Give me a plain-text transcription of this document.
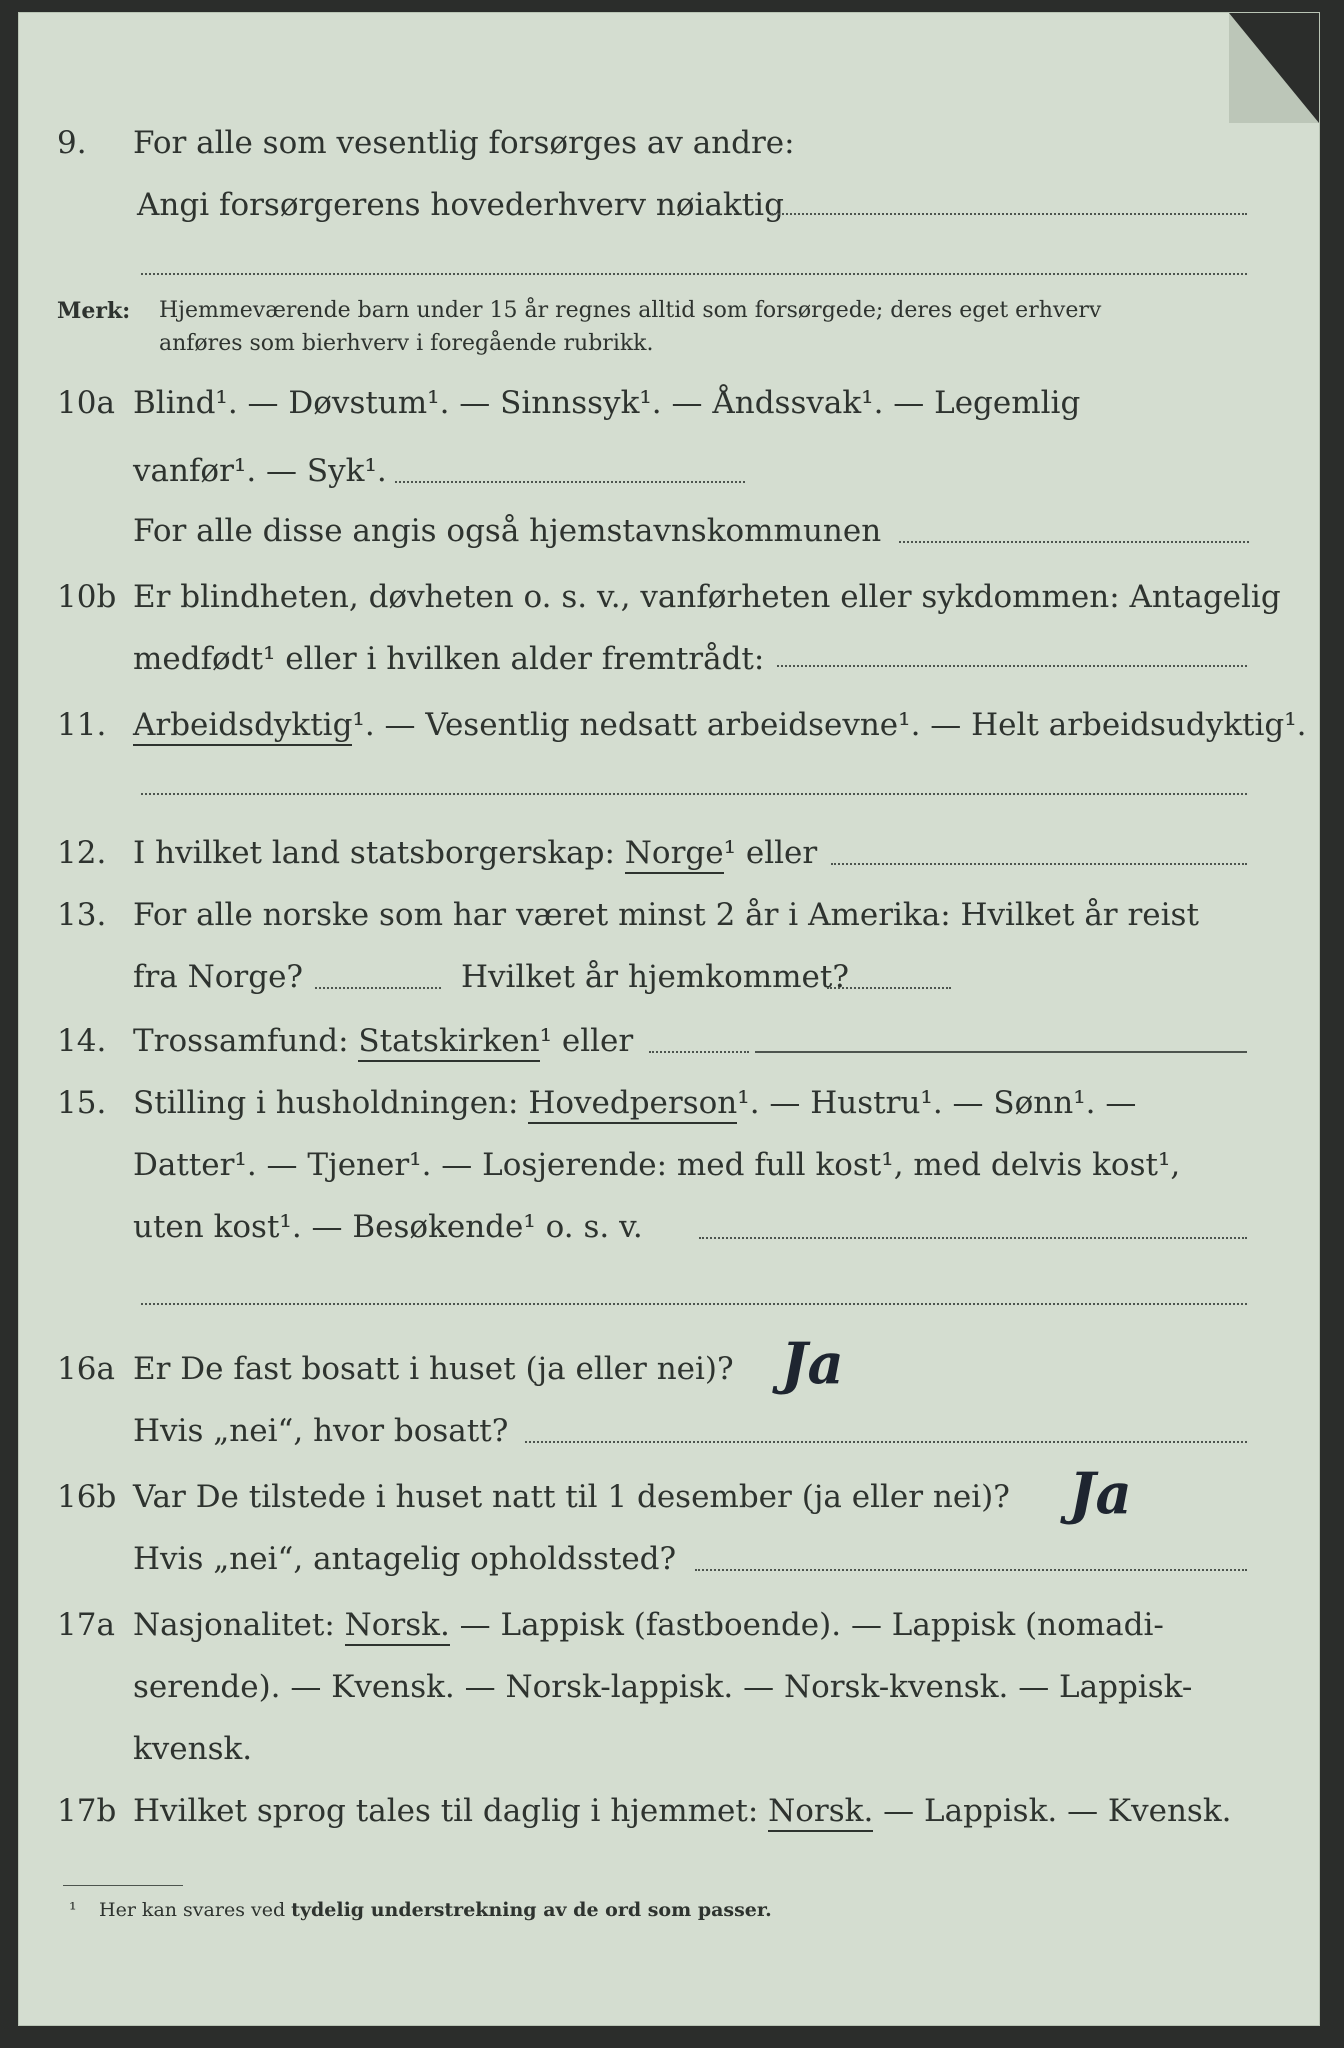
9. For alle som vesentlig forsørges av andre:
Angi forsørgerens hovederhverv nøiaktig
Merk: Hjemmeværende barn under 15 år regnes alltid som forsørgede; deres eget erhverv
anføres som bierhverv i foregående rubrikk.
10a Blind¹. — Døvstum¹. — Sinnssyk¹. — Åndssvak¹. — Legemlig
vanfør¹. — Syk¹.
For alle disse angis også hjemstavnskommunen
10b Er blindheten, døvheten o. s. v., vanførheten eller sykdommen: Antagelig
medfødt¹ eller i hvilken alder fremtrådt:
11. Arbeidsdyktig¹. — Vesentlig nedsatt arbeidsevne¹. — Helt arbeidsudyktig¹.
12. I hvilket land statsborgerskap: Norge¹ eller
13. For alle norske som har været minst 2 år i Amerika: Hvilket år reist
fra Norge?	Hvilket år hjemkommet?
14. Trossamfund: Statskirken¹ eller
15. Stilling i husholdningen: Hovedperson¹. — Hustru¹. — Sønn¹. —
Datter¹. — Tjener¹. — Losjerende: med full kost¹, med delvis kost¹,
uten kost¹. — Besøkende¹ o. s. v.
16a Er De fast bosatt i huset (ja eller nei)? Ja
Hvis „nei“, hvor bosatt?
16b Var De tilstede i huset natt til 1 desember (ja eller nei)? Ja
Hvis „nei“, antagelig opholdssted?
17a Nasjonalitet: Norsk. — Lappisk (fastboende). — Lappisk (nomadi-
serende). — Kvensk. — Norsk-lappisk. — Norsk-kvensk. — Lappisk-
kvensk.
17b Hvilket sprog tales til daglig i hjemmet: Norsk. — Lappisk. — Kvensk.
¹ Her kan svares ved tydelig understrekning av de ord som passer.
